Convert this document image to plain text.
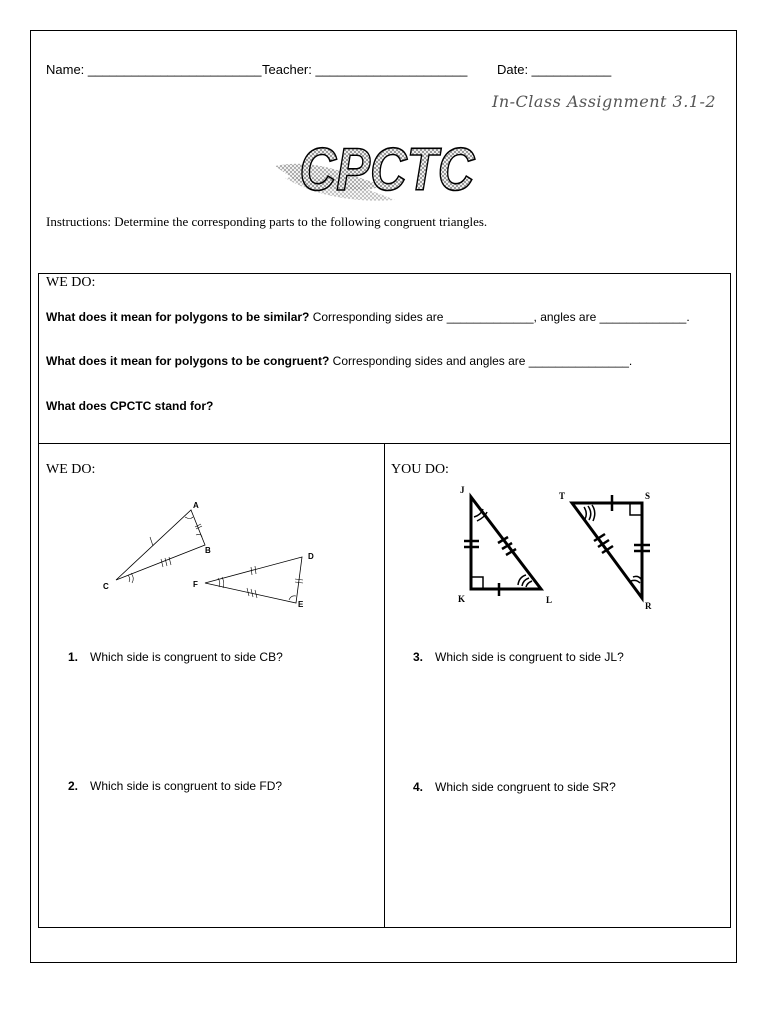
Name: ________________________ Teacher: _____________________ Date: ___________
In-Class Assignment 3.1-2
CPCTC
Instructions: Determine the corresponding parts to the following congruent triangles.
WE DO:
What does it mean for polygons to be similar? Corresponding sides are _____________, angles are _____________.
What does it mean for polygons to be congruent? Corresponding sides and angles are _______________.
What does CPCTC stand for?
WE DO:	YOU DO:
A
B
C
D
E
F
J
K	L
T	S
R
1. Which side is congruent to side CB?
2. Which side is congruent to side FD?
3. Which side is congruent to side JL?
4. Which side congruent to side SR?
